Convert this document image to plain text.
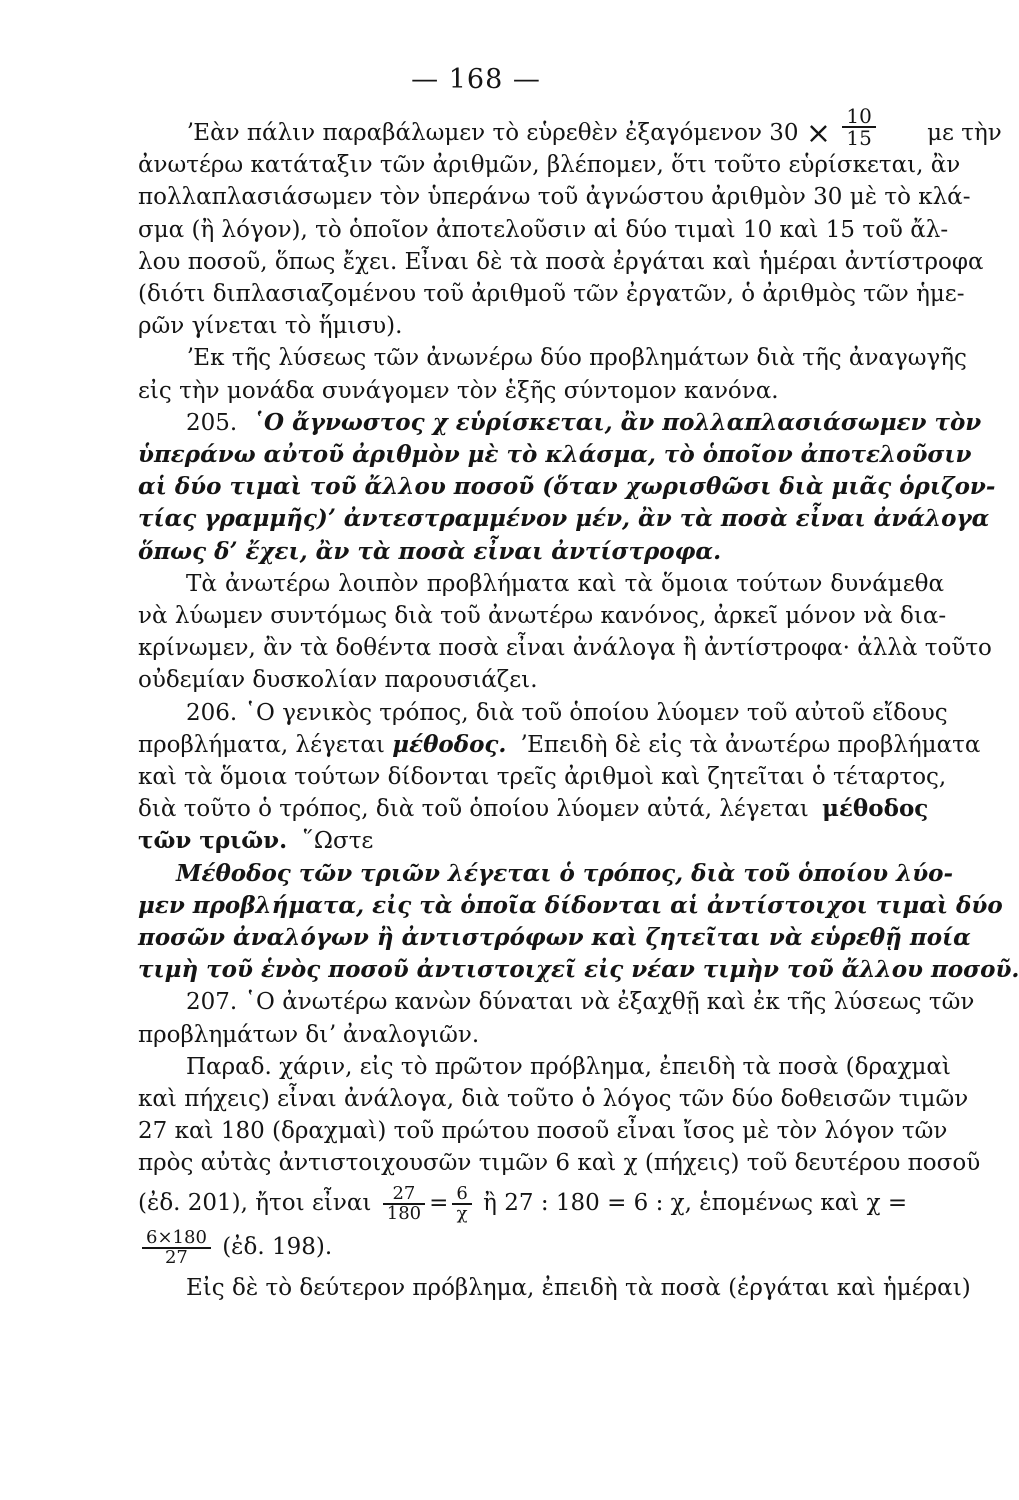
— 168 —
ʼΕὰν πάλιν παραβάλωμεν τὸ εὑρεθὲν ἐξαγόμενον $30 \times \frac{10}{15}$ με τὴν
ἀνωτέρω κατάταξιν τῶν ἀριθμῶν, βλέπομεν, ὅτι τοῦτο εὑρίσκεται, ἂν
πολλαπλασιάσωμεν τὸν ὑπεράνω τοῦ ἀγνώστου ἀριθμὸν 30 μὲ τὸ κλά-
σμα (ἢ λόγον), τὸ ὁποῖον ἀποτελοῦσιν αἱ δύο τιμαὶ 10 καὶ 15 τοῦ ἄλ-
λου ποσοῦ, ὅπως ἔχει. Εἶναι δὲ τὰ ποσὰ ἐργάται καὶ ἡμέραι ἀντίστροφα
(διότι διπλασιαζομένου τοῦ ἀριθμοῦ τῶν ἐργατῶν, ὁ ἀριθμὸς τῶν ἡμε-
ρῶν γίνεται τὸ ἥμισυ).
ʼΕκ τῆς λύσεως τῶν ἀνωνέρω δύο προβλημάτων διὰ τῆς ἀναγωγῆς
εἰς τὴν μονάδα συνάγομεν τὸν ἑξῆς σύντομον κανόνα.
205. ῾Ο ἄγνωστος χ εὑρίσκεται, ἂν πολλαπλασιάσωμεν τὸν
ὑπεράνω αὐτοῦ ἀριθμὸν μὲ τὸ κλάσμα, τὸ ὁποῖον ἀποτελοῦσιν
αἱ δύο τιμαὶ τοῦ ἄλλου ποσοῦ (ὅταν χωρισθῶσι διὰ μιᾶς ὁριζον-
τίας γραμμῆς)ʼ ἀντεστραμμένον μέν, ἂν τὰ ποσὰ εἶναι ἀνάλογα
ὅπως δʼ ἔχει, ἂν τὰ ποσὰ εἶναι ἀντίστροφα.
Τὰ ἀνωτέρω λοιπὸν προβλήματα καὶ τὰ ὅμοια τούτων δυνάμεθα
νὰ λύωμεν συντόμως διὰ τοῦ ἀνωτέρω κανόνος, ἀρκεῖ μόνον νὰ δια-
κρίνωμεν, ἂν τὰ δοθέντα ποσὰ εἶναι ἀνάλογα ἢ ἀντίστροφα· ἀλλὰ τοῦτο
οὐδεμίαν δυσκολίαν παρουσιάζει.
206. ῾Ο γενικὸς τρόπος, διὰ τοῦ ὁποίου λύομεν τοῦ αὐτοῦ εἴδους
προβλήματα, λέγεται μέθοδος. ʼΕπειδὴ δὲ εἰς τὰ ἀνωτέρω προβλήματα
καὶ τὰ ὅμοια τούτων δίδονται τρεῖς ἀριθμοὶ καὶ ζητεῖται ὁ τέταρτος,
διὰ τοῦτο ὁ τρόπος, διὰ τοῦ ὁποίου λύομεν αὐτά, λέγεται μέθοδος
τῶν τριῶν. ῞Ωστε
Μέθοδος τῶν τριῶν λέγεται ὁ τρόπος, διὰ τοῦ ὁποίου λύο-
μεν προβλήματα, εἰς τὰ ὁποῖα δίδονται αἱ ἀντίστοιχοι τιμαὶ δύο
ποσῶν ἀναλόγων ἢ ἀντιστρόφων καὶ ζητεῖται νὰ εὑρεθῇ ποία
τιμὴ τοῦ ἑνὸς ποσοῦ ἀντιστοιχεῖ εἰς νέαν τιμὴν τοῦ ἄλλου ποσοῦ.
207. ῾Ο ἀνωτέρω κανὼν δύναται νὰ ἐξαχθῇ καὶ ἐκ τῆς λύσεως τῶν
προβλημάτων διʼ ἀναλογιῶν.
Παραδ. χάριν, εἰς τὸ πρῶτον πρόβλημα, ἐπειδὴ τὰ ποσὰ (δραχμαὶ
καὶ πήχεις) εἶναι ἀνάλογα, διὰ τοῦτο ὁ λόγος τῶν δύο δοθεισῶν τιμῶν
27 καὶ 180 (δραχμαὶ) τοῦ πρώτου ποσοῦ εἶναι ἴσος μὲ τὸν λόγον τῶν
πρὸς αὐτὰς ἀντιστοιχουσῶν τιμῶν 6 καὶ χ (πήχεις) τοῦ δευτέρου ποσοῦ
(ἐδ. 201), ἤτοι εἶναι $\frac{27}{180} = \frac{6}{\chi}$ ἢ 27 : 180 = 6 : χ, ἑπομένως καὶ χ =
$\frac{6\times 180}{27}$ (ἐδ. 198).
Εἰς δὲ τὸ δεύτερον πρόβλημα, ἐπειδὴ τὰ ποσὰ (ἐργάται καὶ ἡμέραι)
